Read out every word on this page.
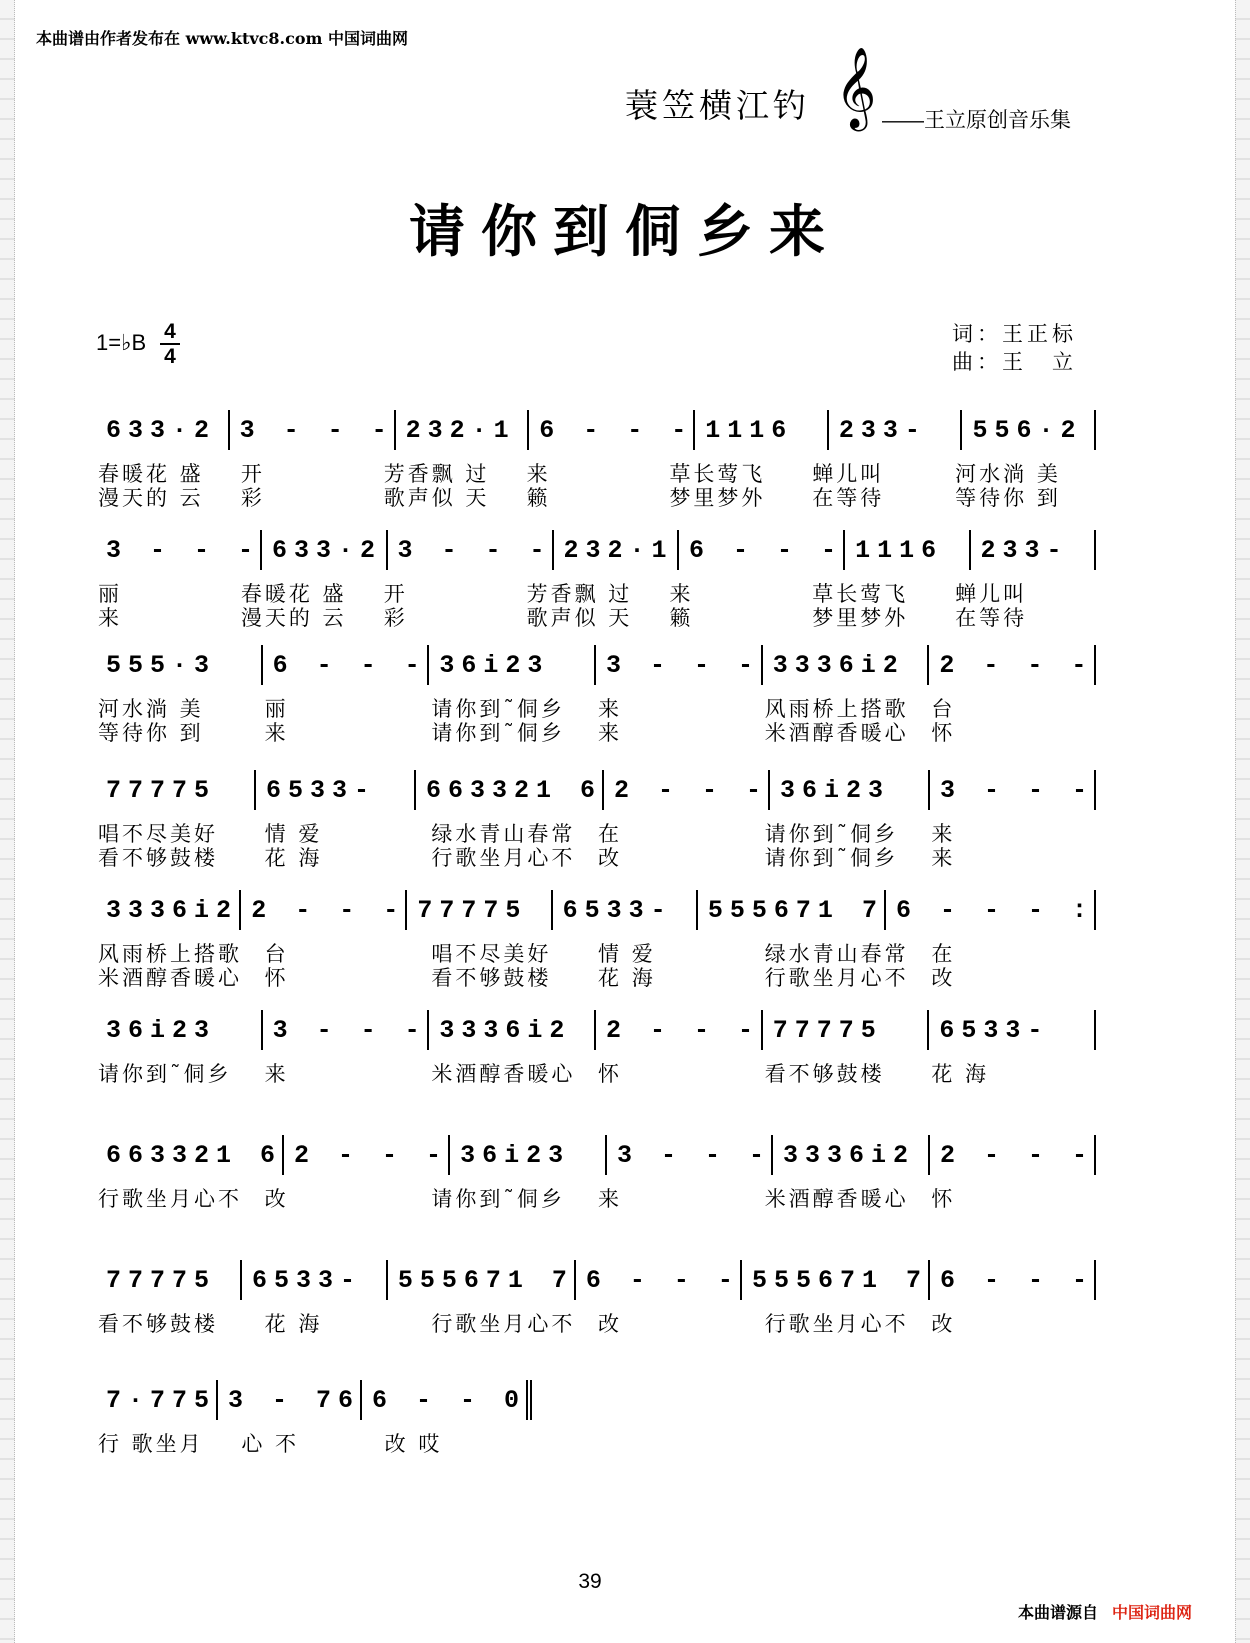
本曲谱由作者发布在 www.ktvc8.com 中国词曲网
蓑笠横江钓 𝄞 ——王立原创音乐集
请你到侗乡来
1=♭B 4
4
词：王正标
曲：王　立
633·2 3 - - - 232·1 6 - - - 1116	233-	556·2
春暖花 盛	开	芳香飘 过	来	草长莺飞	蝉儿叫	河水淌 美
漫天的 云	彩	歌声似 天	籁	梦里梦外	在等待	等待你 到
3 - - - 633·2 3 - - - 232·1 6 - - - 1116	233-
丽	春暖花 盛	开	芳香飘 过	来	草长莺飞	蝉儿叫
来	漫天的 云	彩	歌声似 天	籁	梦里梦外	在等待
555·3	6 - - - 36i23	3 - - - 3336i2	2 - - -
河水淌 美	丽	请你到˜侗乡	来	风雨桥上搭歌	台
等待你 到	来	请你到˜侗乡	来	米酒醇香暖心	怀
77775	6533-	663321 6 2 - - - 36i23	3 - - -
唱不尽美好	情 爱	绿水青山春常	在	请你到˜侗乡	来
看不够鼓楼	花 海	行歌坐月心不	改	请你到˜侗乡	来
3336i2 2 - - - 77775	6533-	555671 7 6 - - - :
风雨桥上搭歌	台	唱不尽美好	情 爱	绿水青山春常	在
米酒醇香暖心	怀	看不够鼓楼	花 海	行歌坐月心不	改
36i23	3 - - - 3336i2	2 - - - 77775	6533-
请你到˜侗乡	来	米酒醇香暖心	怀	看不够鼓楼	花 海
663321 6 2 - - - 36i23	3 - - - 3336i2 2 - - -
行歌坐月心不	改	请你到˜侗乡	来	米酒醇香暖心	怀
77775	6533-	555671 7 6 - - - 555671 7 6 - - -
看不够鼓楼	花 海	行歌坐月心不	改	行歌坐月心不	改
7·775 3 - 76 6 - - 0
行 歌坐月	心 不	改 哎
39
本曲谱源自 中国词曲网
